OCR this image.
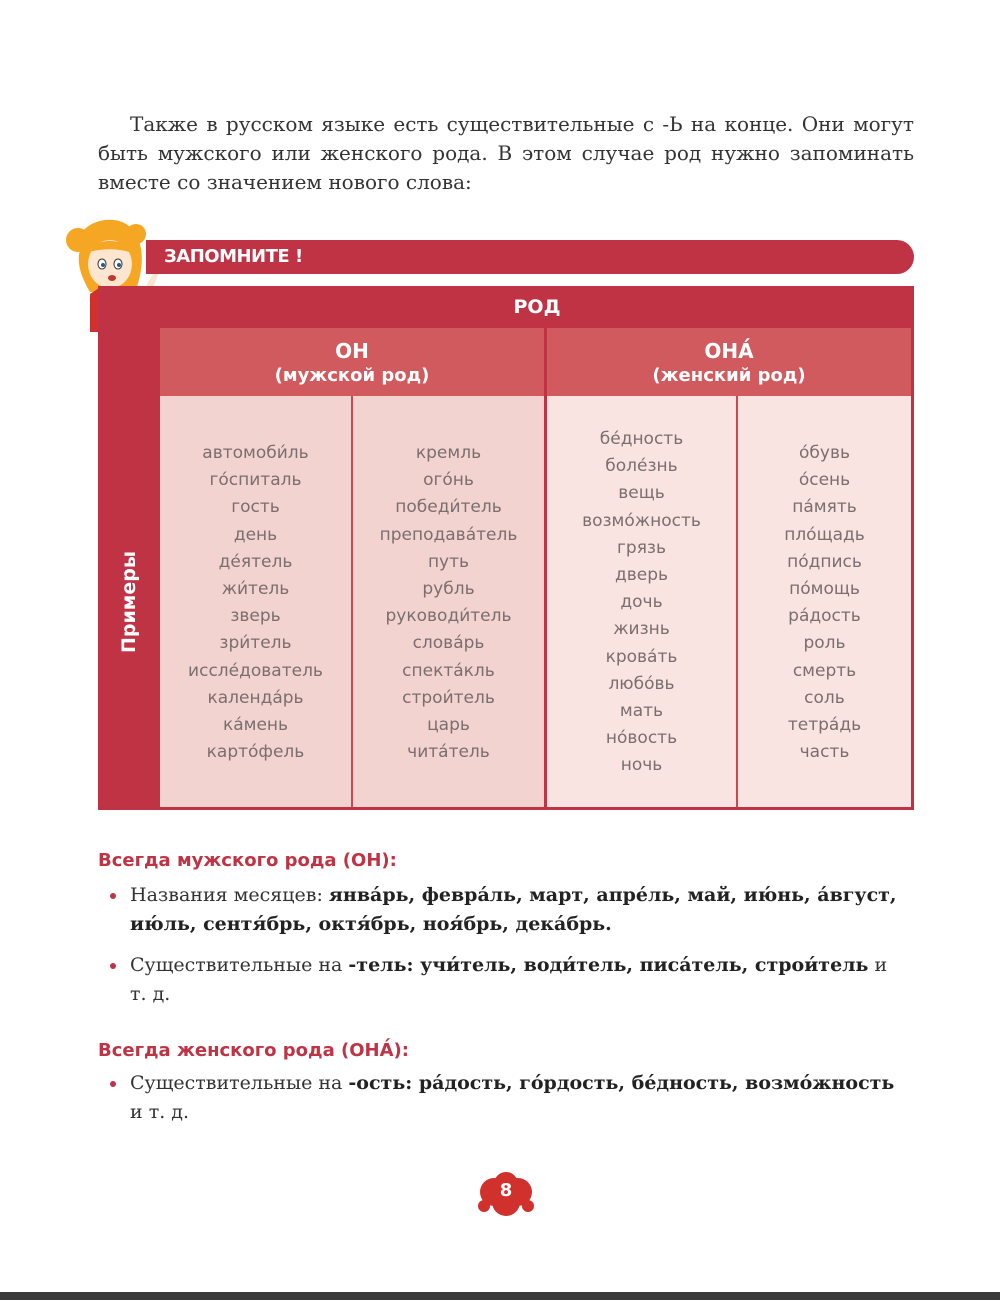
Также в русском языке есть существительные с -Ь на конце. Они могут быть мужского или женского рода. В этом случае род нужно запоминать вместе со значением нового слова:

ЗАПОМНИТЕ !
Примеры
РОД
ОН
(мужской род)
ОНА́
(женский род)
автомоби́ль
го́спиталь
гость
день
де́ятель
жи́тель
зверь
зри́тель
иссле́дователь
календа́рь
ка́мень
карто́фель
кремль
ого́нь
победи́тель
преподава́тель
путь
рубль
руководи́тель
слова́рь
спекта́кль
строи́тель
царь
чита́тель
бе́дность
боле́знь
вещь
возмо́жность
грязь
дверь
дочь
жизнь
крова́ть
любо́вь
мать
но́вость
ночь
о́бувь
о́сень
па́мять
пло́щадь
по́дпись
по́мощь
ра́дость
роль
смерть
соль
тетра́дь
часть

Всегда мужского рода (ОН):

Названия месяцев: янва́рь, февра́ль, март, апре́ль, май, ию́нь, а́вгуст, ию́ль, сентя́брь, октя́брь, ноя́брь, дека́брь.
Существительные на -тель: учи́тель, води́тель, писа́тель, строи́тель и т. д.

Всегда женского рода (ОНА́):

Существительные на -ость: ра́дость, го́рдость, бе́дность, возмо́жность и т. д.
8
